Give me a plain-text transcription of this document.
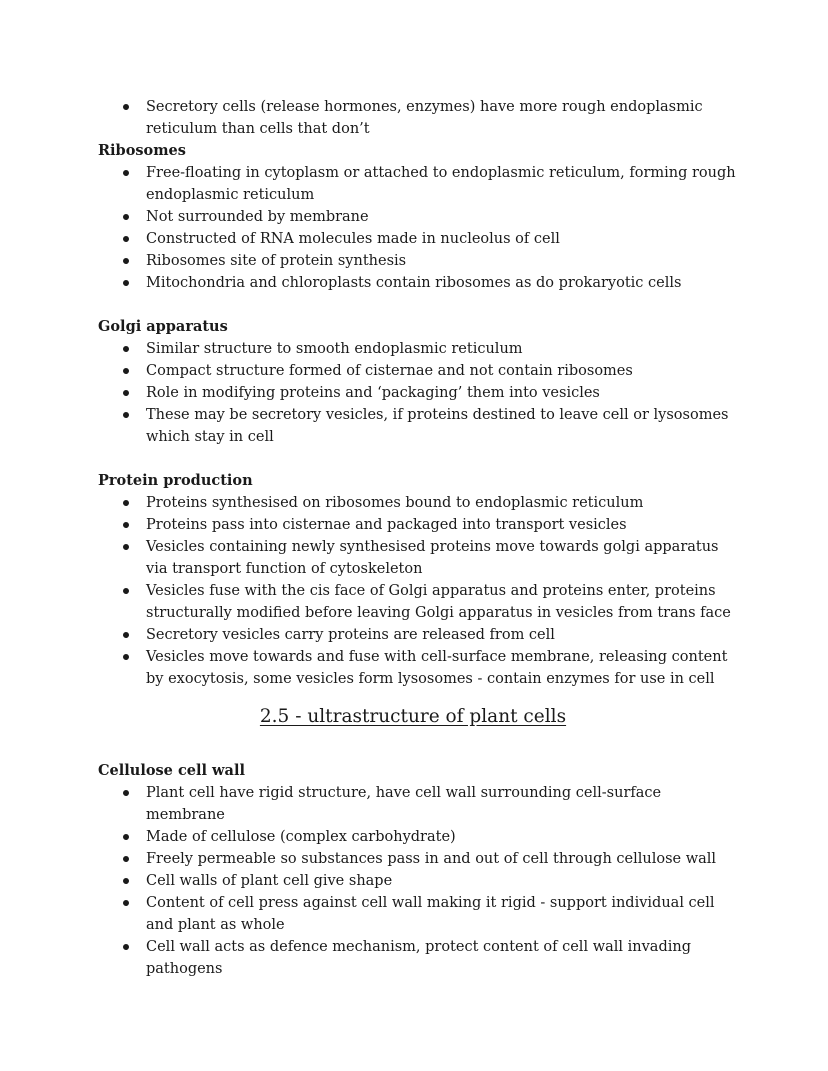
Secretory cells (release hormones, enzymes) have more rough endoplasmic reticulum than cells that don’t

Ribosomes

Free-floating in cytoplasm or attached to endoplasmic reticulum, forming rough endoplasmic reticulum
Not surrounded by membrane
Constructed of RNA molecules made in nucleolus of cell
Ribosomes site of protein synthesis
Mitochondria and chloroplasts contain ribosomes as do prokaryotic cells

Golgi apparatus

Similar structure to smooth endoplasmic reticulum
Compact structure formed of cisternae and not contain ribosomes
Role in modifying proteins and ‘packaging’ them into vesicles
These may be secretory vesicles, if proteins destined to leave cell or lysosomes which stay in cell

Protein production

Proteins synthesised on ribosomes bound to endoplasmic reticulum
Proteins pass into cisternae and packaged into transport vesicles
Vesicles containing newly synthesised proteins move towards golgi apparatus via transport function of cytoskeleton
Vesicles fuse with the cis face of Golgi apparatus and proteins enter, proteins structurally modified before leaving Golgi apparatus in vesicles from trans face
Secretory vesicles carry proteins are released from cell
Vesicles move towards and fuse with cell-surface membrane, releasing content by exocytosis, some vesicles form lysosomes - contain enzymes for use in cell
2.5 - ultrastructure of plant cells

Cellulose cell wall

Plant cell have rigid structure, have cell wall surrounding cell-surface membrane
Made of cellulose (complex carbohydrate)
Freely permeable so substances pass in and out of cell through cellulose wall
Cell walls of plant cell give shape
Content of cell press against cell wall making it rigid - support individual cell and plant as whole
Cell wall acts as defence mechanism, protect content of cell wall invading pathogens
